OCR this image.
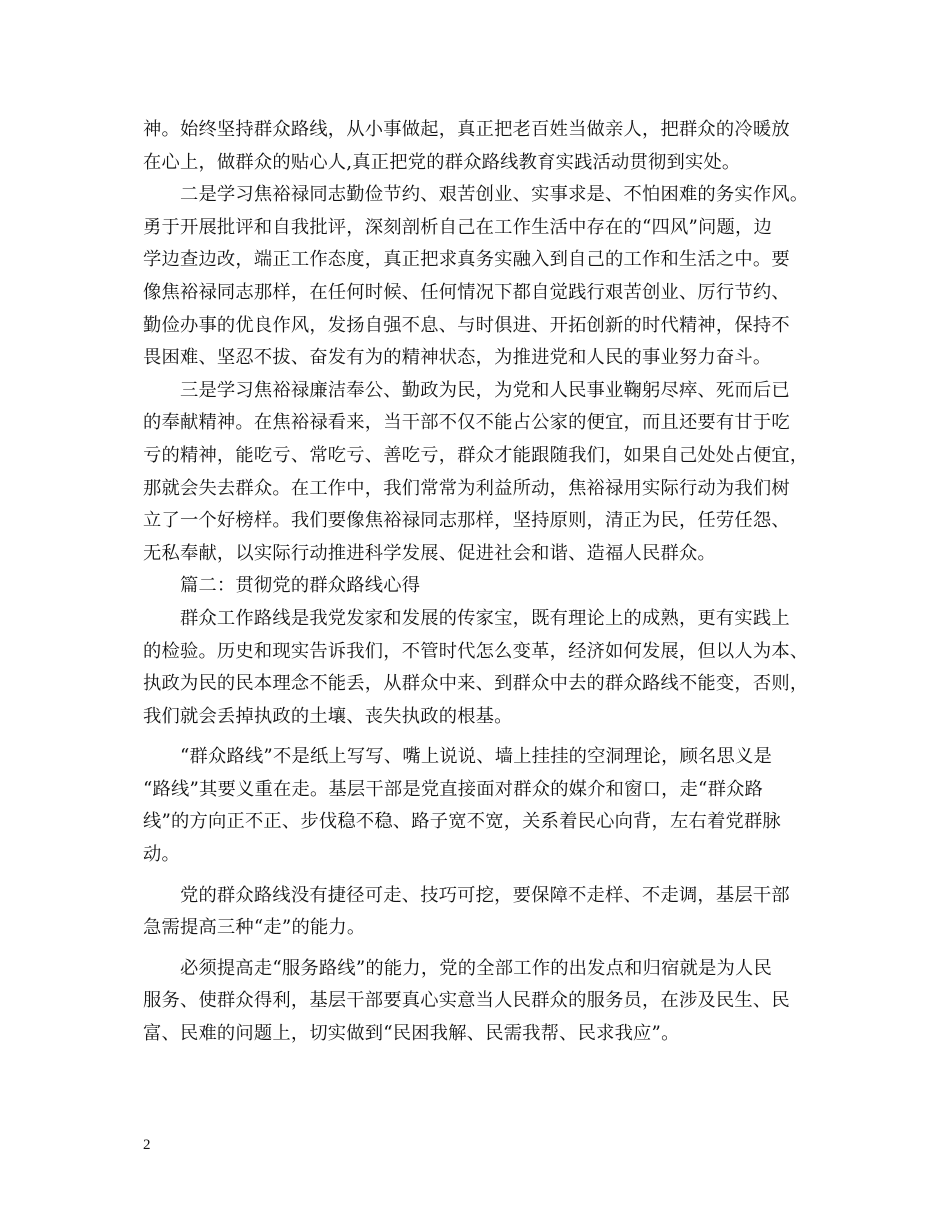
神。始终坚持群众路线，从小事做起，真正把老百姓当做亲人，把群众的冷暖放
在心上，做群众的贴心人,真正把党的群众路线教育实践活动贯彻到实处。
　　二是学习焦裕禄同志勤俭节约、艰苦创业、实事求是、不怕困难的务实作风。
勇于开展批评和自我批评，深刻剖析自己在工作生活中存在的“四风”问题，边
学边查边改，端正工作态度，真正把求真务实融入到自己的工作和生活之中。要
像焦裕禄同志那样，在任何时候、任何情况下都自觉践行艰苦创业、厉行节约、
勤俭办事的优良作风，发扬自强不息、与时俱进、开拓创新的时代精神，保持不
畏困难、坚忍不拔、奋发有为的精神状态，为推进党和人民的事业努力奋斗。
　　三是学习焦裕禄廉洁奉公、勤政为民，为党和人民事业鞠躬尽瘁、死而后已
的奉献精神。在焦裕禄看来，当干部不仅不能占公家的便宜，而且还要有甘于吃
亏的精神，能吃亏、常吃亏、善吃亏，群众才能跟随我们，如果自己处处占便宜，
那就会失去群众。在工作中，我们常常为利益所动，焦裕禄用实际行动为我们树
立了一个好榜样。我们要像焦裕禄同志那样，坚持原则，清正为民，任劳任怨、
无私奉献，以实际行动推进科学发展、促进社会和谐、造福人民群众。
　　篇二：贯彻党的群众路线心得
　　群众工作路线是我党发家和发展的传家宝，既有理论上的成熟，更有实践上
的检验。历史和现实告诉我们，不管时代怎么变革，经济如何发展，但以人为本、
执政为民的民本理念不能丢，从群众中来、到群众中去的群众路线不能变，否则，
我们就会丢掉执政的土壤、丧失执政的根基。
　　“群众路线”不是纸上写写、嘴上说说、墙上挂挂的空洞理论，顾名思义是
“路线”其要义重在走。基层干部是党直接面对群众的媒介和窗口，走“群众路
线”的方向正不正、步伐稳不稳、路子宽不宽，关系着民心向背，左右着党群脉
动。
　　党的群众路线没有捷径可走、技巧可挖，要保障不走样、不走调，基层干部
急需提高三种“走”的能力。
　　必须提高走“服务路线”的能力，党的全部工作的出发点和归宿就是为人民
服务、使群众得利，基层干部要真心实意当人民群众的服务员，在涉及民生、民
富、民难的问题上，切实做到“民困我解、民需我帮、民求我应”。
2
